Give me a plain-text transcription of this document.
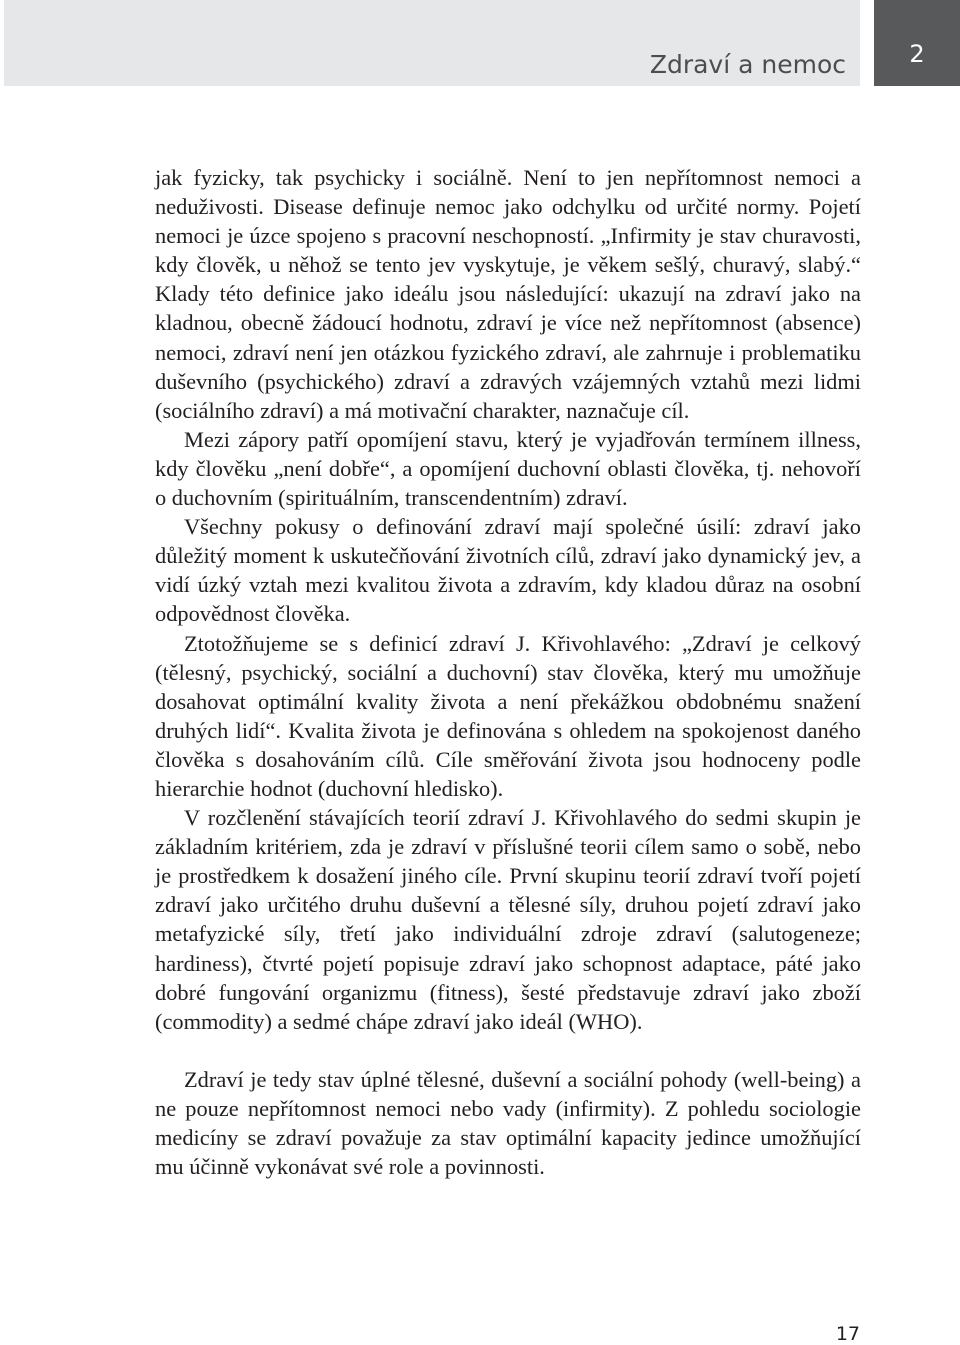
Zdraví a nemoc	2

jak fyzicky, tak psychicky i sociálně. Není to jen nepřítomnost nemoci a neduživosti. Disease definuje nemoc jako odchylku od určité normy. Pojetí nemoci je úzce spojeno s pracovní neschopností. „Infirmity je stav churavosti, kdy člověk, u něhož se tento jev vyskytuje, je věkem sešlý, churavý, slabý.“ Klady této definice jako ideálu jsou následující: ukazují na zdraví jako na kladnou, obecně žádoucí hodnotu, zdraví je více než nepřítomnost (absence) nemoci, zdraví není jen otázkou fyzického zdraví, ale zahrnuje i problematiku duševního (psychického) zdraví a zdravých vzájemných vztahů mezi lidmi (sociálního zdraví) a má motivační charakter, naznačuje cíl.

Mezi zápory patří opomíjení stavu, který je vyjadřován termínem illness, kdy člověku „není dobře“, a opomíjení duchovní oblasti člověka, tj. nehovoří o duchovním (spirituálním, transcendentním) zdraví.

Všechny pokusy o definování zdraví mají společné úsilí: zdraví jako důležitý moment k uskutečňování životních cílů, zdraví jako dynamický jev, a vidí úzký vztah mezi kvalitou života a zdravím, kdy kladou důraz na osobní odpovědnost člověka.

Ztotožňujeme se s definicí zdraví J. Křivohlavého: „Zdraví je celkový (tělesný, psychický, sociální a duchovní) stav člověka, který mu umožňuje dosahovat optimální kvality života a není překážkou obdobnému snažení druhých lidí“. Kvalita života je definována s ohledem na spokojenost daného člověka s dosahováním cílů. Cíle směřování života jsou hodnoceny podle hierarchie hodnot (duchovní hledisko).

V rozčlenění stávajících teorií zdraví J. Křivohlavého do sedmi skupin je základním kritériem, zda je zdraví v příslušné teorii cílem samo o sobě, nebo je prostředkem k dosažení jiného cíle. První skupinu teorií zdraví tvoří pojetí zdraví jako určitého druhu duševní a tělesné síly, druhou pojetí zdraví jako metafyzické síly, třetí jako individuální zdroje zdraví (salutogeneze; hardiness), čtvrté pojetí popisuje zdraví jako schopnost adaptace, páté jako dobré fungování organizmu (fitness), šesté představuje zdraví jako zboží (commodity) a sedmé chápe zdraví jako ideál (WHO).

Zdraví je tedy stav úplné tělesné, duševní a sociální pohody (well-being) a ne pouze nepřítomnost nemoci nebo vady (infirmity). Z pohledu sociologie medicíny se zdraví považuje za stav optimální kapacity jedince umožňující mu účinně vykonávat své role a povinnosti.

17
